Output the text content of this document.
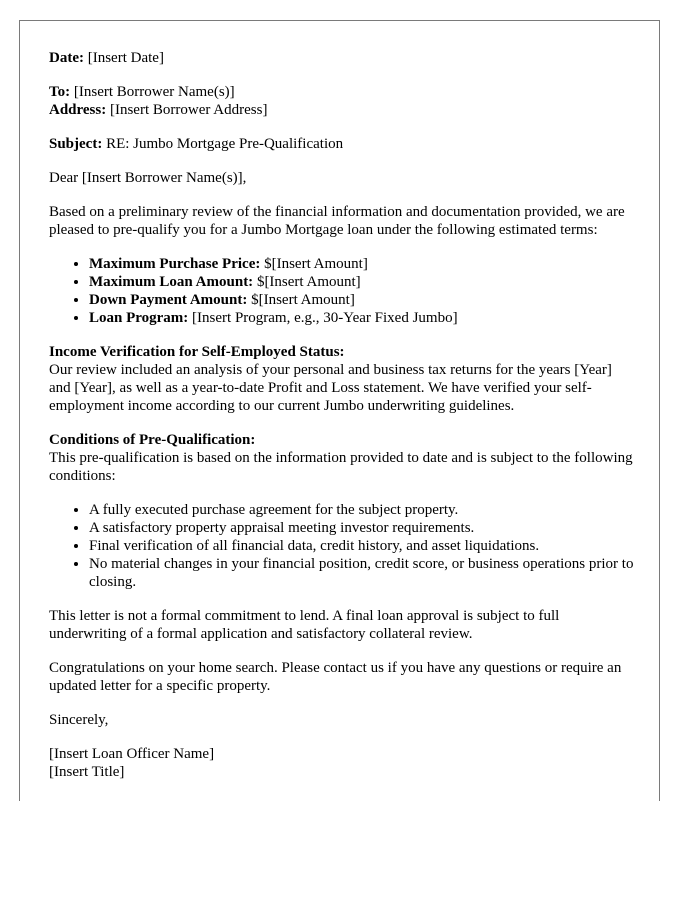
Date: [Insert Date]

To: [Insert Borrower Name(s)]
Address: [Insert Borrower Address]

Subject: RE: Jumbo Mortgage Pre-Qualification

Dear [Insert Borrower Name(s)],

Based on a preliminary review of the financial information and documentation provided, we are pleased to pre-qualify you for a Jumbo Mortgage loan under the following estimated terms:

• Maximum Purchase Price: $[Insert Amount]
• Maximum Loan Amount: $[Insert Amount]
• Down Payment Amount: $[Insert Amount]
• Loan Program: [Insert Program, e.g., 30-Year Fixed Jumbo]

Income Verification for Self-Employed Status:
Our review included an analysis of your personal and business tax returns for the years [Year] and [Year], as well as a year-to-date Profit and Loss statement. We have verified your self-employment income according to our current Jumbo underwriting guidelines.

Conditions of Pre-Qualification:
This pre-qualification is based on the information provided to date and is subject to the following conditions:

• A fully executed purchase agreement for the subject property.
• A satisfactory property appraisal meeting investor requirements.
• Final verification of all financial data, credit history, and asset liquidations.
• No material changes in your financial position, credit score, or business operations prior to closing.

This letter is not a formal commitment to lend. A final loan approval is subject to full underwriting of a formal application and satisfactory collateral review.

Congratulations on your home search. Please contact us if you have any questions or require an updated letter for a specific property.

Sincerely,

[Insert Loan Officer Name]
[Insert Title]
